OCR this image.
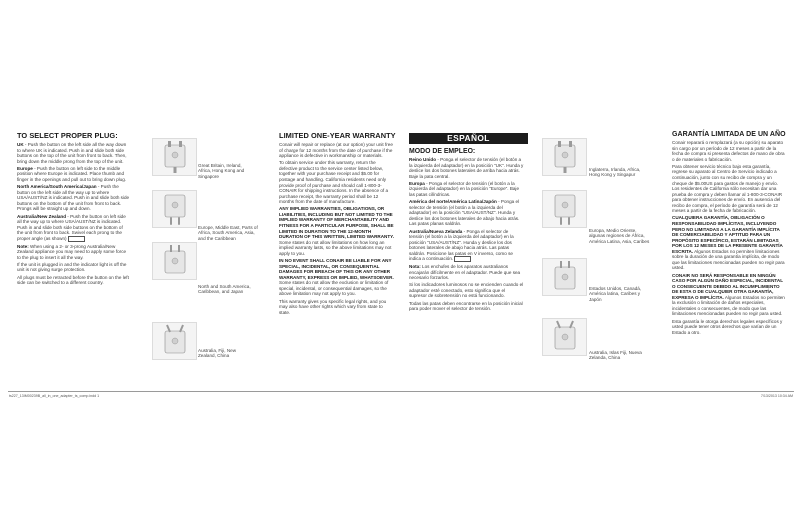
TO SELECT PROPER PLUG:

UK - Push the button on the left side all the way down to where UK is indicated. Push in and slide both side buttons on the top of the unit from front to back. Then, bring down the middle prong from the top of the unit.

Europe - Push the button on left side to the middle position where Europe is indicated. Place thumb and finger in the openings and pull out to bring down plug.

North America/South America/Japan - Push the button on the left side all the way up to where USA/AUST/NZ is indicated. Push in and slide both side buttons on the bottom of the unit from front to back. Prongs will be straight up and down.

Australia/New Zealand - Push the button on left side all the way up to where USA/AUST/NZ is indicated. Push in and slide both side buttons on the bottom of the unit from front to back. Swivel each prong to the proper angle (as shown)

Note: When using a 2- or 3-prong Australia/New Zealand appliance you may need to apply some force to the plug to insert it all the way.

If the unit is plugged in and the indicator light is off the unit is not giving surge protection.

All plugs must be retracted before the button on the left side can be switched to a different country.

Great Britain, Ireland, Africa, Hong Kong and Singapore
Europe, Middle East, Parts of Africa, South America, Asia, and the Caribbean
North and South America, Caribbean, and Japan
Australia, Fiji, New Zealand, China
LIMITED ONE-YEAR WARRANTY

Conair will repair or replace (at our option) your unit free of charge for 12 months from the date of purchase if the appliance is defective in workmanship or materials.

To obtain service under this warranty, return the defective product to the service center listed below, together with your purchase receipt and $5.00 for postage and handling. California residents need only provide proof of purchase and should call 1-800-3-CONAIR for shipping instructions. In the absence of a purchase receipt, the warranty period shall be 12 months from the date of manufacture.

ANY IMPLIED WARRANTIES, OBLIGATIONS, OR LIABILITIES, INCLUDING BUT NOT LIMITED TO THE IMPLIED WARRANTY OF MERCHANTABILITY AND FITNESS FOR A PARTICULAR PURPOSE, SHALL BE LIMITED IN DURATION TO THE 12-MONTH DURATION OF THIS WRITTEN, LIMITED WARRANTY. Some states do not allow limitations on how long an implied warranty lasts, so the above limitations may not apply to you.

IN NO EVENT SHALL CONAIR BE LIABLE FOR ANY SPECIAL, INCIDENTAL, OR CONSEQUENTIAL DAMAGES FOR BREACH OF THIS OR ANY OTHER WARRANTY, EXPRESS OR IMPLIED, WHATSOEVER. Some states do not allow the exclusion or limitation of special, incidental, or consequential damages, so the above limitation may not apply to you.

This warranty gives you specific legal rights, and you may also have other rights which vary from state to state.

ESPAÑOL
MODO DE EMPLEO:

Reino Unido - Ponga el selector de tensión (el botón a la izquierda del adaptador) en la posición "UK". Hunda y deslice los dos botones laterales de arriba hacia atrás. Baje la pata central.

Europa - Ponga el selector de tensión (el botón a la izquierda del adaptador) en la posición "Europe". Baje las patas cilíndricas.

América del norte/América Latina/Japón - Ponga el selector de tensión (el botón a la izquierda del adaptador) en la posición "USA/AUST/NZ". Hunda y deslice los dos botones laterales de abajo hacia atrás. Las patas planas saldrán.

Australia/Nueva Zelanda - Ponga el selector de tensión (el botón a la izquierda del adaptador) en la posición "USA/AUST/NZ". Hunda y deslice los dos botones laterales de abajo hacia atrás. Las patas saldrán. Posicione las patas en V inverso, como se indica a continuación.

Nota: Los enchufes de los aparatos australianos encajarán difícilmente en el adaptador. Puede que sea necesario forzarlos.

Si los indicadores luminosos no se encienden cuando el adaptador esté conectado, esto significa que el supresor de sobretensión no está funcionando.

Todas las patas deben encontrarse en la posición inicial para poder mover el selector de tensión.

Inglaterra, Irlanda, Africa, Hong Kong y Singapur
Europa, Medio Oriente, algunas regiones de África, América Latina, Asia, Caribes
Estados Unidos, Canadá, América latina, Caribes y Japón
Australia, Islas Fiji, Nueva Zelanda, China
GARANTÍA LIMITADA DE UN AÑO

Conair reparará o remplazará (a su opción) su aparato sin cargo por un período de 12 meses a partir de la fecha de compra si presenta defectos de mano de obra o de materiales o fabricación.

Para obtener servicio técnico bajo esta garantía, regrese su aparato al Centro de Servicio indicado a continuación, junto con su recibo de compra y un cheque de $5.00US para gastos de manejo y envío. Los residentes de California sólo necesitan dar una prueba de compra y deben llamar al 1-800-3-CONAIR para obtener instrucciones de envío. En ausencia del recibo de compra, el período de garantía será de 12 meses a partir de la fecha de fabricación.

CUALQUIERA GARANTÍA, OBLIGACIÓN O RESPONSABILIDAD IMPLÍCITAS, INCLUYENDO PERO NO LIMITADAS A LA GARANTÍA IMPLÍCITA DE COMERCIABILIDAD Y APTITUD PARA UN PROPÓSITO ESPECÍFICO, ESTARÁN LIMITADAS POR LOS 12 MESES DE LA PRESENTE GARANTÍA ESCRITA. Algunos Estados no permiten limitaciones sobre la duración de una garantía implícita, de modo que las limitaciones mencionadas pueden no regir para usted.

CONAIR NO SERÁ RESPONSABLE EN NINGÚN CASO POR ALGÚN DAÑO ESPECIAL, INCIDENTAL O CONSECUENTE DEBIDO AL INCUMPLIMIENTO DE ESTA O DE CUALQUIER OTRA GARANTÍA, EXPRESA O IMPLÍCITA. Algunos Estados no permiten la exclusión o limitación de daños especiales, incidentales o consecuentes, de modo que las limitaciones mencionadas pueden no regir para usted.

Esta garantía le otorga derechos legales específicos y usted puede tener otros derechos que varían de un Estado a otro.

ts227_13IM00239B_all_in_one_adapter_ts_comp.indd 1	7/13/2013 10:34 AM
